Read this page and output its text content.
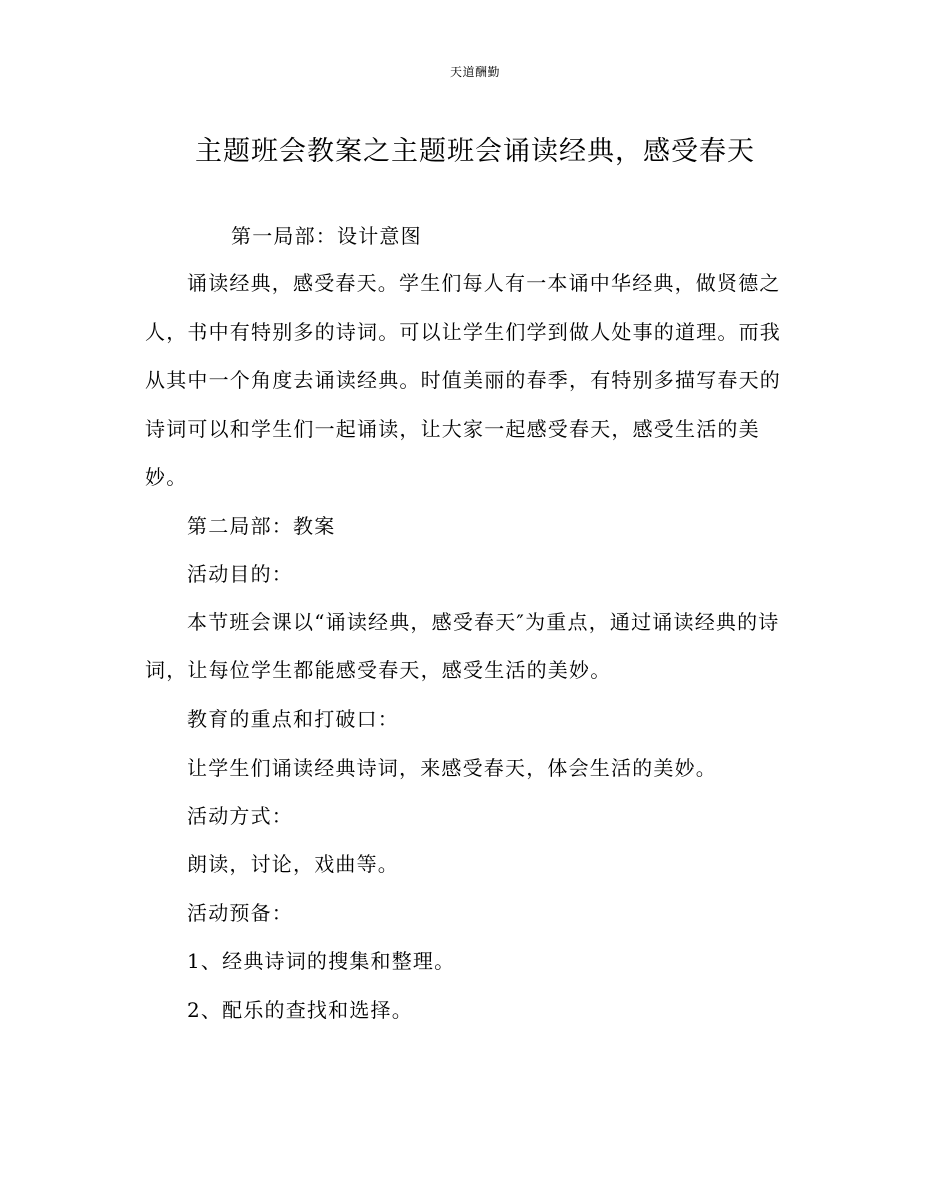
天道酬勤
主题班会教案之主题班会诵读经典，感受春天
第一局部：设计意图
诵读经典，感受春天。学生们每人有一本诵中华经典，做贤德之
人，书中有特别多的诗词。可以让学生们学到做人处事的道理。而我
从其中一个角度去诵读经典。时值美丽的春季，有特别多描写春天的
诗词可以和学生们一起诵读，让大家一起感受春天，感受生活的美
妙。
第二局部：教案
活动目的：
本节班会课以“诵读经典，感受春天″为重点，通过诵读经典的诗
词，让每位学生都能感受春天，感受生活的美妙。
教育的重点和打破口：
让学生们诵读经典诗词，来感受春天，体会生活的美妙。
活动方式：
朗读，讨论，戏曲等。
活动预备：
1、经典诗词的搜集和整理。
2、配乐的查找和选择。
